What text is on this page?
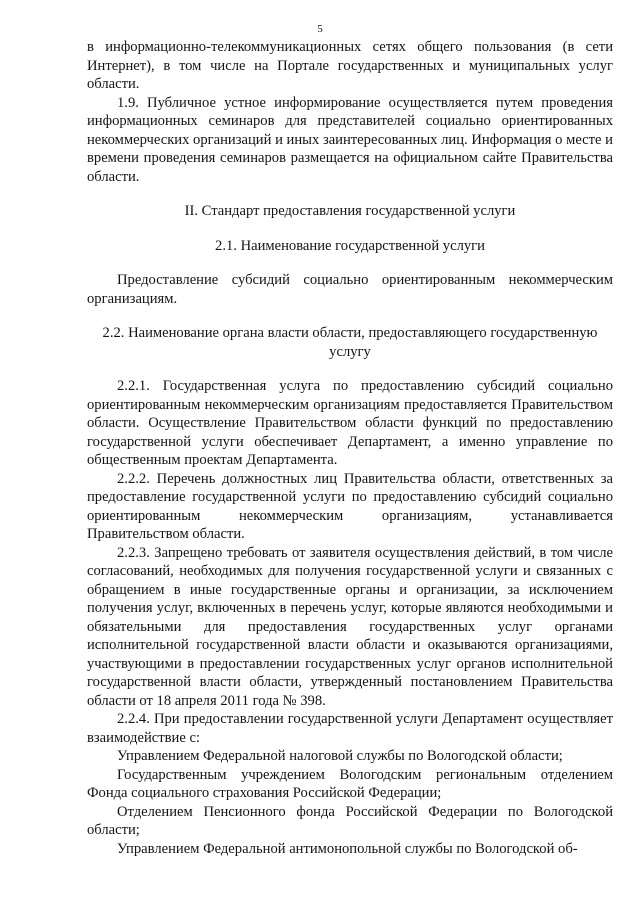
5

в информационно-телекоммуникационных сетях общего пользования (в сети Интернет), в том числе на Портале государственных и муниципальных услуг области.

1.9. Публичное устное информирование осуществляется путем проведения информационных семинаров для представителей социально ориентированных некоммерческих организаций и иных заинтересованных лиц. Информация о месте и времени проведения семинаров размещается на официальном сайте Правительства области.

II. Стандарт предоставления государственной услуги

2.1. Наименование государственной услуги

Предоставление субсидий социально ориентированным некоммерческим организациям.

2.2. Наименование органа власти области, предоставляющего государственную услугу

2.2.1. Государственная услуга по предоставлению субсидий социально ориентированным некоммерческим организациям предоставляется Правительством области. Осуществление Правительством области функций по предоставлению государственной услуги обеспечивает Департамент, а именно управление по общественным проектам Департамента.

2.2.2. Перечень должностных лиц Правительства области, ответственных за предоставление государственной услуги по предоставлению субсидий социально ориентированным некоммерческим организациям, устанавливается Правительством области.

2.2.3. Запрещено требовать от заявителя осуществления действий, в том числе согласований, необходимых для получения государственной услуги и связанных с обращением в иные государственные органы и организации, за исключением получения услуг, включенных в перечень услуг, которые являются необходимыми и обязательными для предоставления государственных услуг органами исполнительной государственной власти области и оказываются организациями, участвующими в предоставлении государственных услуг органов исполнительной государственной власти области, утвержденный постановлением Правительства области от 18 апреля 2011 года № 398.

2.2.4. При предоставлении государственной услуги Департамент осуществляет взаимодействие с:

Управлением Федеральной налоговой службы по Вологодской области;

Государственным учреждением Вологодским региональным отделением Фонда социального страхования Российской Федерации;

Отделением Пенсионного фонда Российской Федерации по Вологодской области;

Управлением Федеральной антимонопольной службы по Вологодской об-
